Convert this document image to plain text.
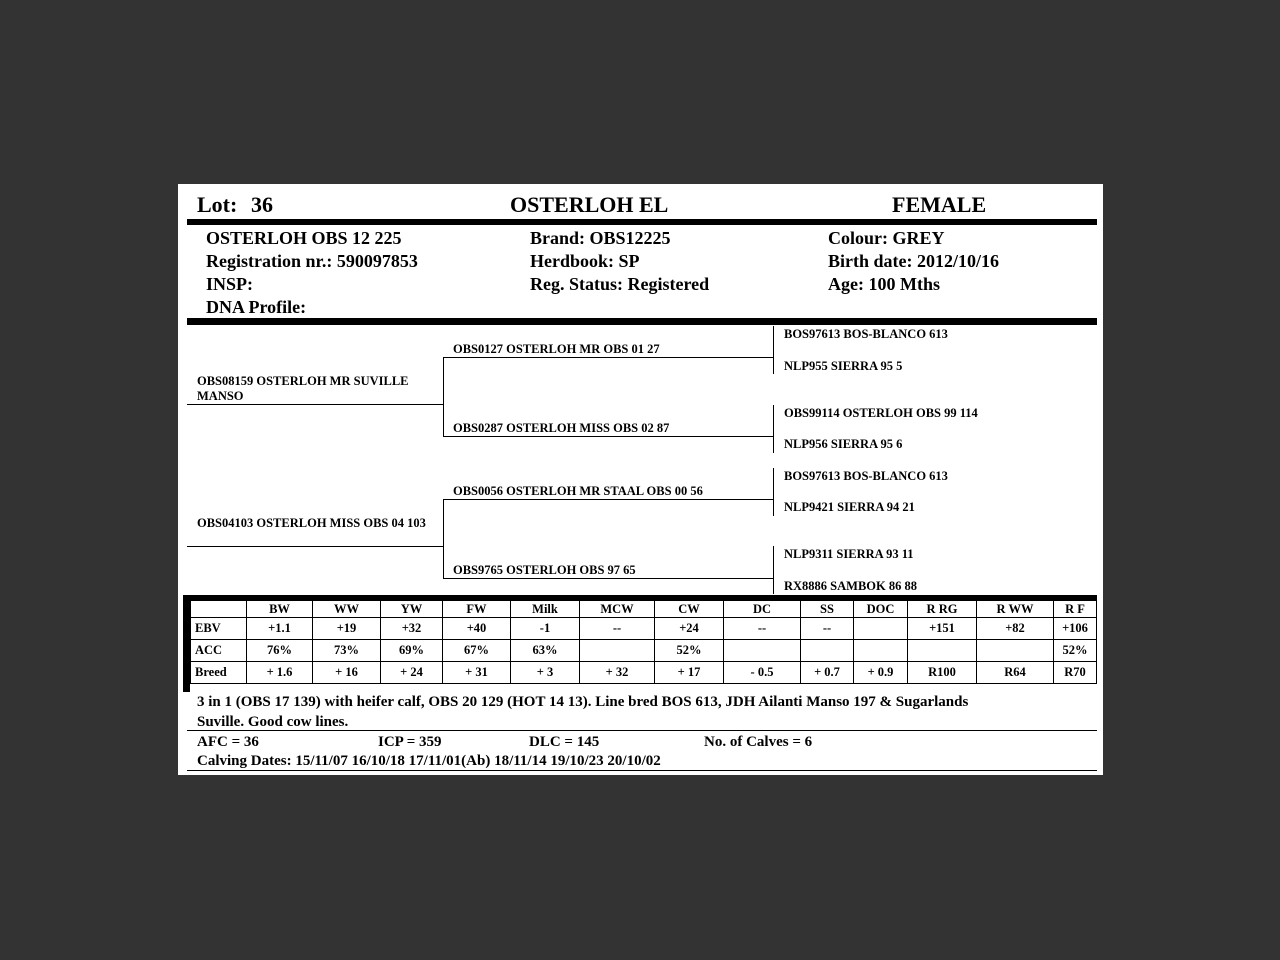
Lot: 36	OSTERLOH EL	FEMALE
OSTERLOH OBS 12 225
Registration nr.: 590097853
INSP:
DNA Profile:
Brand: OBS12225
Herdbook: SP
Reg. Status: Registered
Colour: GREY
Birth date: 2012/10/16
Age: 100 Mths
OBS08159 OSTERLOH MR SUVILLE MANSO
OBS04103 OSTERLOH MISS OBS 04 103
OBS0127 OSTERLOH MR OBS 01 27
OBS0287 OSTERLOH MISS OBS 02 87
OBS0056 OSTERLOH MR STAAL OBS 00 56
OBS9765 OSTERLOH OBS 97 65
BOS97613 BOS-BLANCO 613
NLP955 SIERRA 95 5
OBS99114 OSTERLOH OBS 99 114
NLP956 SIERRA 95 6
BOS97613 BOS-BLANCO 613
NLP9421 SIERRA 94 21
NLP9311 SIERRA 93 11
RX8886 SAMBOK 86 88
	BW	WW	YW	FW	Milk	MCW	CW	DC	SS	DOC	R RG	R WW	R F
EBV	+1.1	+19	+32	+40	-1	--	+24	--	--		+151	+82	+106
ACC	76%	73%	69%	67%	63%		52%						52%
Breed	+ 1.6	+ 16	+ 24	+ 31	+ 3	+ 32	+ 17	- 0.5	+ 0.7	+ 0.9	R100	R64	R70
3 in 1 (OBS 17 139) with heifer calf, OBS 20 129 (HOT 14 13). Line bred BOS 613, JDH Ailanti Manso 197 & Sugarlands
Suville. Good cow lines.
AFC = 36	ICP = 359	DLC = 145	No. of Calves = 6
Calving Dates: 15/11/07 16/10/18 17/11/01(Ab) 18/11/14 19/10/23 20/10/02
